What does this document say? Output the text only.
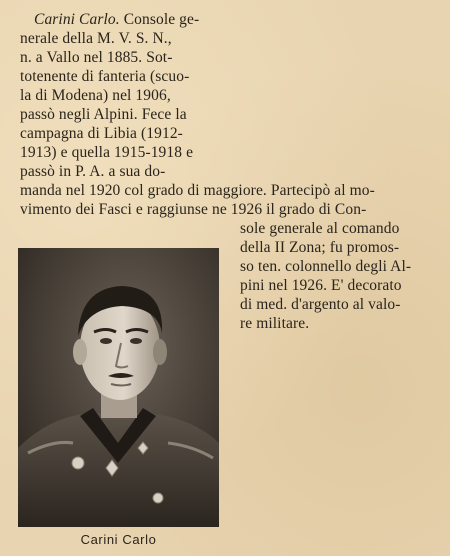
Carini Carlo. Console ge-
nerale della M. V. S. N.,
n. a Vallo nel 1885. Sot-
totenente di fanteria (scuo-
la di Modena) nel 1906,
passò negli Alpini. Fece la
campagna di Libia (1912-
1913) e quella 1915-1918 e
passò in P. A. a sua do-
manda nel 1920 col grado di maggiore. Partecipò al mo-
vimento dei Fasci e raggiunse ne 1926 il grado di Con-
sole generale al comando
della II Zona; fu promos-
so ten. colonnello degli Al-
pini nel 1926. E' decorato
di med. d'argento al valo-
re militare.
Carini Carlo
